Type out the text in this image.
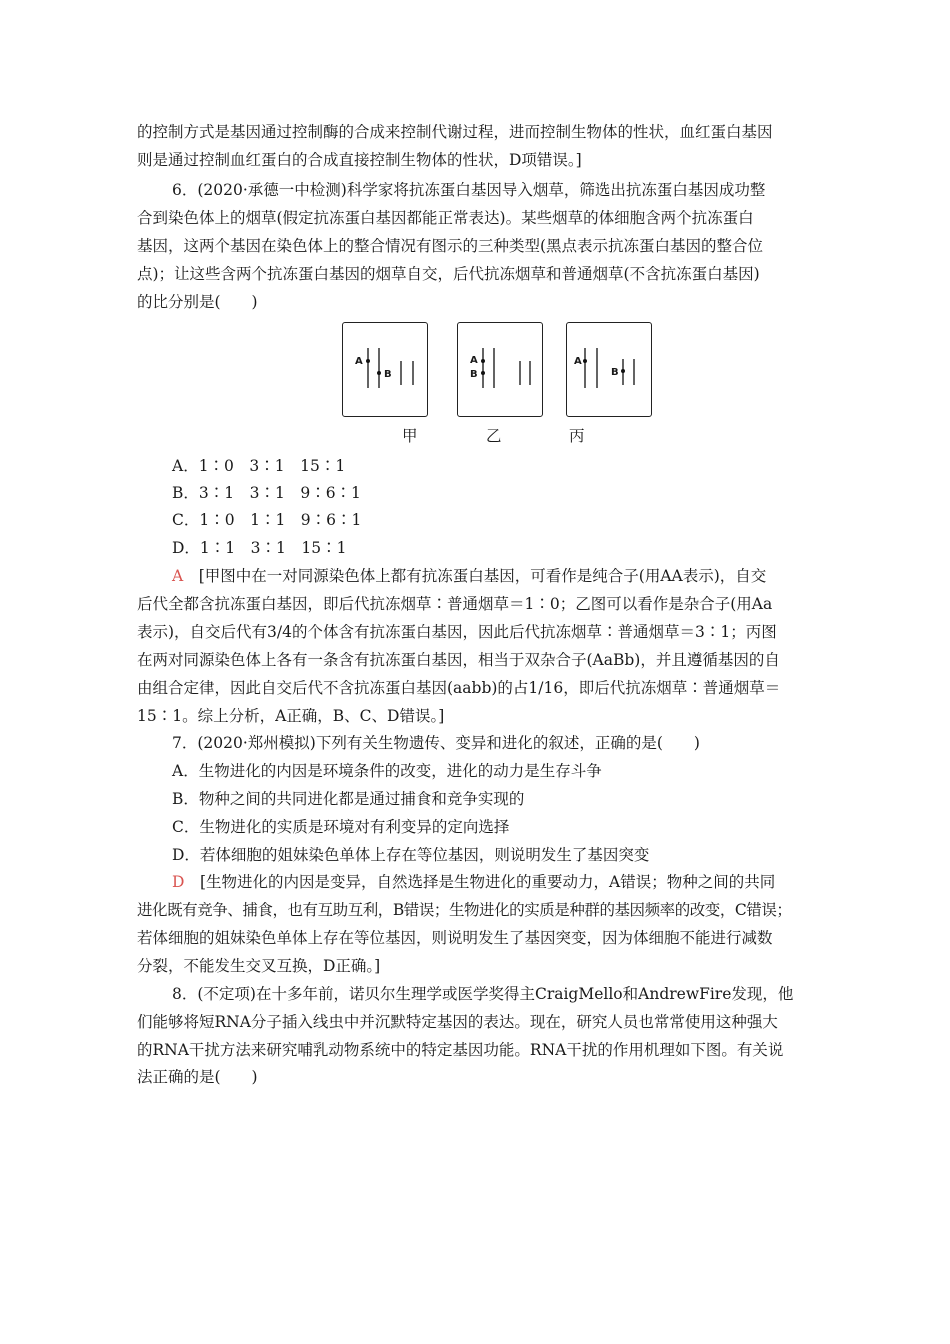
的控制方式是基因通过控制酶的合成来控制代谢过程，进而控制生物体的性状，血红蛋白基因
则是通过控制血红蛋白的合成直接控制生物体的性状，D项错误。]
6．(2020·承德一中检测)科学家将抗冻蛋白基因导入烟草，筛选出抗冻蛋白基因成功整
合到染色体上的烟草(假定抗冻蛋白基因都能正常表达)。某些烟草的体细胞含两个抗冻蛋白
基因，这两个基因在染色体上的整合情况有图示的三种类型(黑点表示抗冻蛋白基因的整合位
点)；让这些含两个抗冻蛋白基因的烟草自交，后代抗冻烟草和普通烟草(不含抗冻蛋白基因)
的比分别是(　　)
A
B
A
B
A
B
甲	乙	丙
A．1∶0　3∶1　15∶1
B．3∶1　3∶1　9∶6∶1
C．1∶0　1∶1　9∶6∶1
D．1∶1　3∶1　15∶1
A　 [甲图中在一对同源染色体上都有抗冻蛋白基因，可看作是纯合子(用AA表示)，自交
后代全都含抗冻蛋白基因，即后代抗冻烟草∶普通烟草＝1∶0；乙图可以看作是杂合子(用Aa
表示)，自交后代有3/4的个体含有抗冻蛋白基因，因此后代抗冻烟草∶普通烟草＝3∶1；丙图
在两对同源染色体上各有一条含有抗冻蛋白基因，相当于双杂合子(AaBb)，并且遵循基因的自
由组合定律，因此自交后代不含抗冻蛋白基因(aabb)的占1/16，即后代抗冻烟草∶普通烟草＝
15∶1。综上分析，A正确，B、C、D错误。]
7．(2020·郑州模拟)下列有关生物遗传、变异和进化的叙述，正确的是(　　)
A．生物进化的内因是环境条件的改变，进化的动力是生存斗争
B．物种之间的共同进化都是通过捕食和竞争实现的
C．生物进化的实质是环境对有利变异的定向选择
D．若体细胞的姐妹染色单体上存在等位基因，则说明发生了基因突变
D　 [生物进化的内因是变异，自然选择是生物进化的重要动力，A错误；物种之间的共同
进化既有竞争、捕食，也有互助互利，B错误；生物进化的实质是种群的基因频率的改变，C错误；
若体细胞的姐妹染色单体上存在等位基因，则说明发生了基因突变，因为体细胞不能进行减数
分裂，不能发生交叉互换，D正确。]
8．(不定项)在十多年前，诺贝尔生理学或医学奖得主CraigMello和AndrewFire发现，他
们能够将短RNA分子插入线虫中并沉默特定基因的表达。现在，研究人员也常常使用这种强大
的RNA干扰方法来研究哺乳动物系统中的特定基因功能。RNA干扰的作用机理如下图。有关说
法正确的是(　　)
